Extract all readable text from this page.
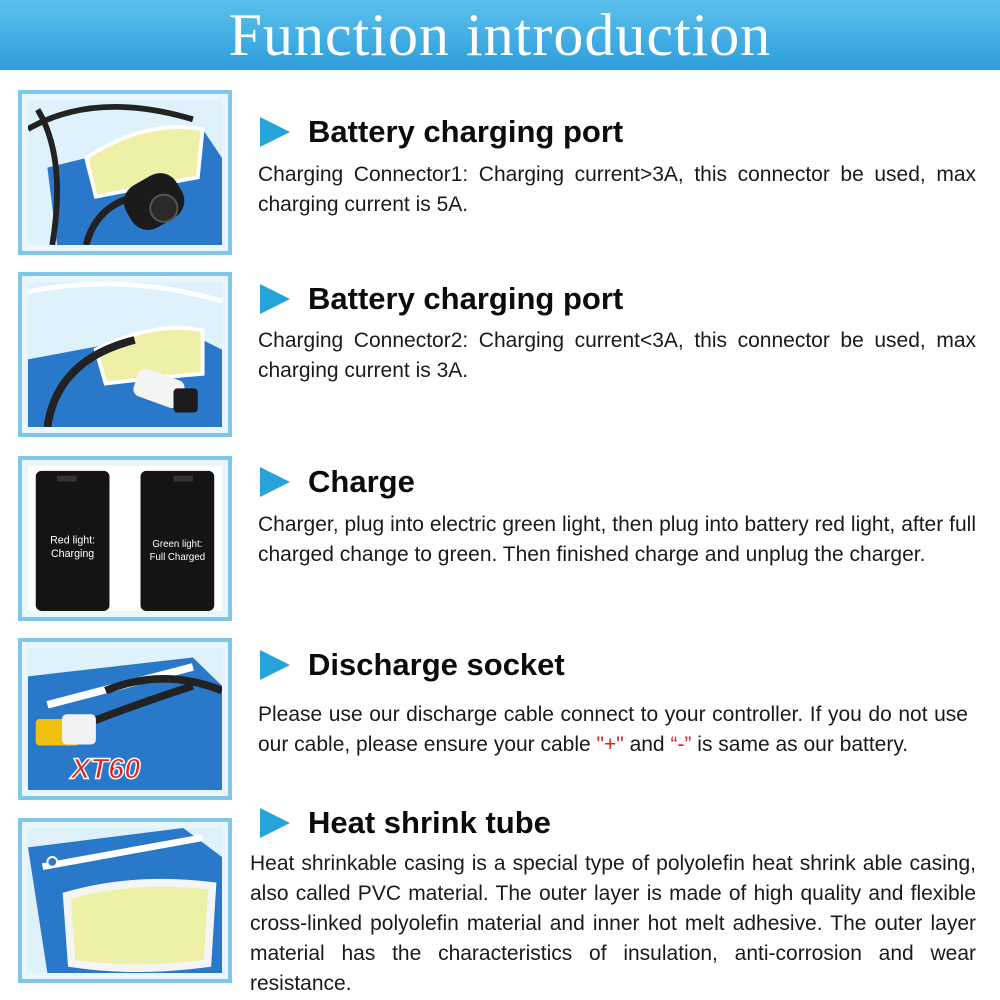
Function introduction
Battery charging port

Charging Connector1: Charging current>3A, this connector be used, max charging current is 5A.

Battery charging port

Charging Connector2: Charging current<3A, this connector be used, max charging current is 3A.

Red light:
Charging
Green light:
Full Charged
Charge

Charger, plug into electric green light, then plug into battery red light, after full charged change to green. Then finished charge and unplug the charger.

XT60
Discharge socket

Please use our discharge cable connect to your controller. If you do not use our cable, please ensure your cable "+" and “-” is same as our battery.

Heat shrink tube

Heat shrinkable casing is a special type of polyolefin heat shrink able casing, also called PVC material. The outer layer is made of high quality and flexible cross-linked polyolefin material and inner hot melt adhesive. The outer layer material has the characteristics of insulation, anti-corrosion and wear resistance.
